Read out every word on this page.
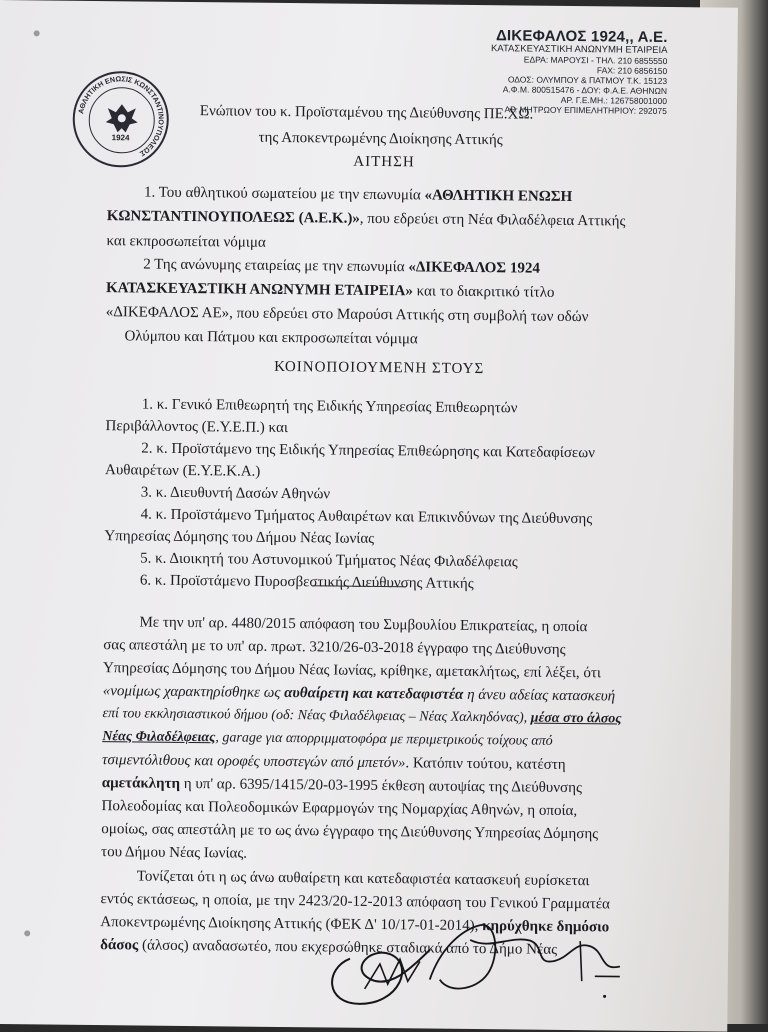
ΔΙΚΕΦΑΛΟΣ 1924,, Α.Ε.
ΚΑΤΑΣΚΕΥΑΣΤΙΚΗ ΑΝΩΝΥΜΗ ΕΤΑΙΡΕΙΑ
ΕΔΡΑ: ΜΑΡΟΥΣΙ - ΤΗΛ. 210 6855550
FAX: 210 6856150
ΟΔΟΣ: ΟΛΥΜΠΟΥ & ΠΑΤΜΟΥ Τ.Κ. 15123
Α.Φ.Μ. 800515476 - ΔΟΥ: Φ.Α.Ε. ΑΘΗΝΩΝ
ΑΡ. Γ.Ε.ΜΗ.: 126758001000
ΑΡ. ΜΗΤΡΩΟΥ ΕΠΙΜΕΛΗΤΗΡΙΟΥ: 292075
ΑΘΛΗΤΙΚΗ ΕΝΩΣΙΣ ΚΩΝΣΤΑΝΤΙΝΟΥΠΟΛΕΩΣ
1924
Ενώπιον του κ. Προϊσταμένου της Διεύθυνσης ΠΕ.ΧΩ.
της Αποκεντρωμένης Διοίκησης Αττικής
ΑΙΤΗΣΗ
1. Του αθλητικού σωματείου με την επωνυμία «ΑΘΛΗΤΙΚΗ ΕΝΩΣΗ
ΚΩΝΣΤΑΝΤΙΝΟΥΠΟΛΕΩΣ (Α.Ε.Κ.)», που εδρεύει στη Νέα Φιλαδέλφεια Αττικής
και εκπροσωπείται νόμιμα
2 Της ανώνυμης εταιρείας με την επωνυμία «ΔΙΚΕΦΑΛΟΣ 1924
ΚΑΤΑΣΚΕΥΑΣΤΙΚΗ ΑΝΩΝΥΜΗ ΕΤΑΙΡΕΙΑ» και το διακριτικό τίτλο
«ΔΙΚΕΦΑΛΟΣ ΑΕ», που εδρεύει στο Μαρούσι Αττικής στη συμβολή των οδών
Ολύμπου και Πάτμου και εκπροσωπείται νόμιμα
ΚΟΙΝΟΠΟΙΟΥΜΕΝΗ ΣΤΟΥΣ
1. κ. Γενικό Επιθεωρητή της Ειδικής Υπηρεσίας Επιθεωρητών
Περιβάλλοντος (Ε.Υ.Ε.Π.) και
2. κ. Προϊστάμενο της Ειδικής Υπηρεσίας Επιθεώρησης και Κατεδαφίσεων
Αυθαιρέτων (Ε.Υ.Ε.Κ.Α.)
3. κ. Διευθυντή Δασών Αθηνών
4. κ. Προϊστάμενο Τμήματος Αυθαιρέτων και Επικινδύνων της Διεύθυνσης
Υπηρεσίας Δόμησης του Δήμου Νέας Ιωνίας
5. κ. Διοικητή του Αστυνομικού Τμήματος Νέας Φιλαδέλφειας
6. κ. Προϊστάμενο Πυροσβεστικής Διεύθυνσης Αττικής
Με την υπ' αρ. 4480/2015 απόφαση του Συμβουλίου Επικρατείας, η οποία
σας απεστάλη με το υπ' αρ. πρωτ. 3210/26-03-2018 έγγραφο της Διεύθυνσης
Υπηρεσίας Δόμησης του Δήμου Νέας Ιωνίας, κρίθηκε, αμετακλήτως, επί λέξει, ότι
«νομίμως χαρακτηρίσθηκε ως αυθαίρετη και κατεδαφιστέα η άνευ αδείας κατασκευή
επί του εκκλησιαστικού δήμου (οδ: Νέας Φιλαδέλφειας – Νέας Χαλκηδόνας), μέσα στο άλσος
Νέας Φιλαδέλφειας, garage για απορριμματοφόρα με περιμετρικούς τοίχους από
τσιμεντόλιθους και οροφές υποστεγών από μπετόν». Κατόπιν τούτου, κατέστη
αμετάκλητη η υπ' αρ. 6395/1415/20-03-1995 έκθεση αυτοψίας της Διεύθυνσης
Πολεοδομίας και Πολεοδομικών Εφαρμογών της Νομαρχίας Αθηνών, η οποία,
ομοίως, σας απεστάλη με το ως άνω έγγραφο της Διεύθυνσης Υπηρεσίας Δόμησης
του Δήμου Νέας Ιωνίας.
Τονίζεται ότι η ως άνω αυθαίρετη και κατεδαφιστέα κατασκευή ευρίσκεται
εντός εκτάσεως, η οποία, με την 2423/20-12-2013 απόφαση του Γενικού Γραμματέα
Αποκεντρωμένης Διοίκησης Αττικής (ΦΕΚ Δ' 10/17-01-2014), κηρύχθηκε δημόσιο
δάσος (άλσος) αναδασωτέο, που εκχερσώθηκε σταδιακά από το Δήμο Νέας
